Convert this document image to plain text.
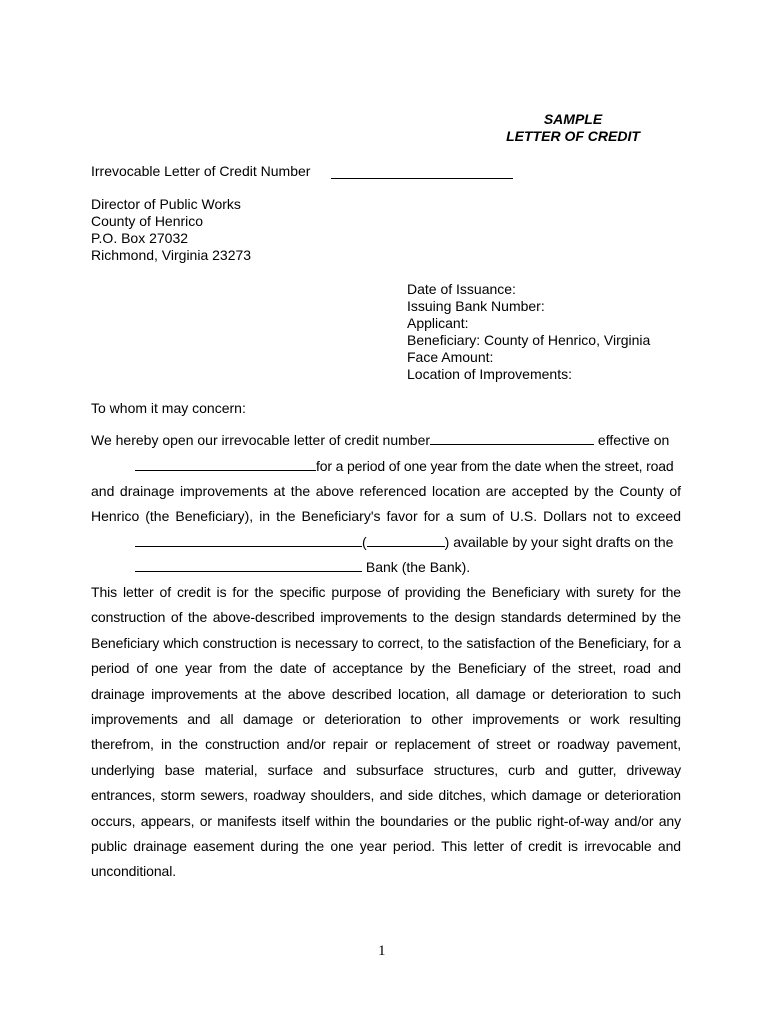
SAMPLE
LETTER OF CREDIT
Irrevocable Letter of Credit Number
Director of Public Works
County of Henrico
P.O. Box 27032
Richmond, Virginia 23273
Date of Issuance:
Issuing Bank Number:
Applicant:
Beneficiary: County of Henrico, Virginia
Face Amount:
Location of Improvements:
To whom it may concern:
We hereby open our irrevocable letter of credit number	effective on
for a period of one year from the date when the street, road
and drainage improvements at the above referenced location are accepted by the County of
Henrico (the Beneficiary), in the Beneficiary's favor for a sum of U.S. Dollars not to exceed
(	) available by your sight drafts on the
Bank (the Bank).
This letter of credit is for the specific purpose of providing the Beneficiary with surety for the construction of the above-described improvements to the design standards determined by the Beneficiary which construction is necessary to correct, to the satisfaction of the Beneficiary, for a period of one year from the date of acceptance by the Beneficiary of the street, road and drainage improvements at the above described location, all damage or deterioration to such improvements and all damage or deterioration to other improvements or work resulting therefrom, in the construction and/or repair or replacement of street or roadway pavement, underlying base material, surface and subsurface structures, curb and gutter, driveway entrances, storm sewers, roadway shoulders, and side ditches, which damage or deterioration occurs, appears, or manifests itself within the boundaries or the public right-of-way and/or any public drainage easement during the one year period. This letter of credit is irrevocable and unconditional.
1
